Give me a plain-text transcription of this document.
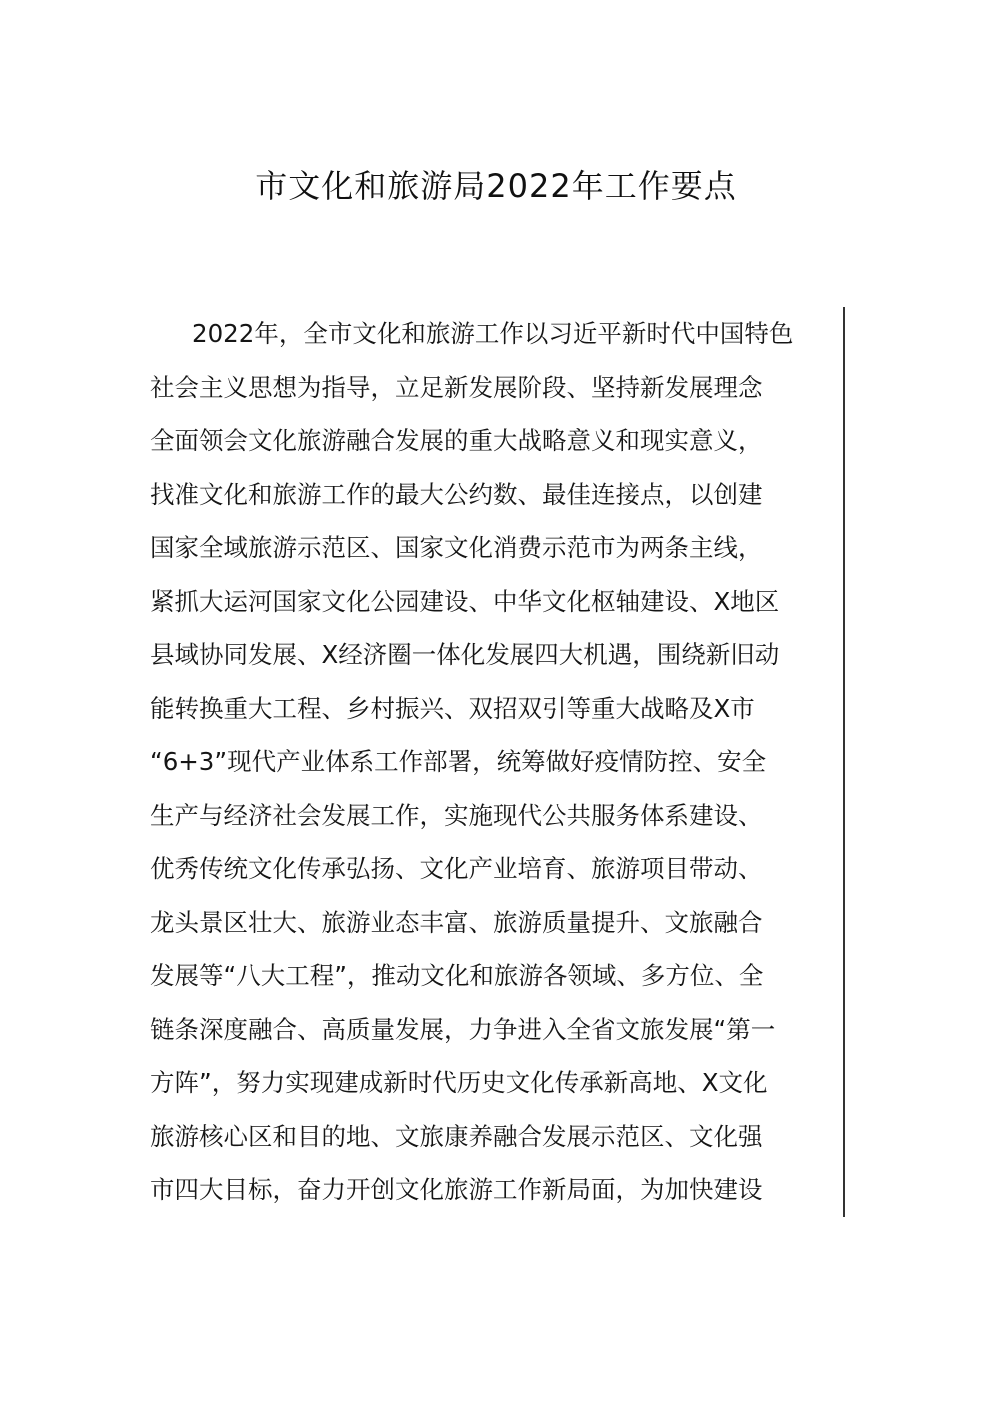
市文化和旅游局2022年工作要点
2022年，全市文化和旅游工作以习近平新时代中国特色
社会主义思想为指导，立足新发展阶段、坚持新发展理念
全面领会文化旅游融合发展的重大战略意义和现实意义，
找准文化和旅游工作的最大公约数、最佳连接点，以创建
国家全域旅游示范区、国家文化消费示范市为两条主线，
紧抓大运河国家文化公园建设、中华文化枢轴建设、X地区
县域协同发展、X经济圈一体化发展四大机遇，围绕新旧动
能转换重大工程、乡村振兴、双招双引等重大战略及X市
“6+3”现代产业体系工作部署，统筹做好疫情防控、安全
生产与经济社会发展工作，实施现代公共服务体系建设、
优秀传统文化传承弘扬、文化产业培育、旅游项目带动、
龙头景区壮大、旅游业态丰富、旅游质量提升、文旅融合
发展等“八大工程”，推动文化和旅游各领域、多方位、全
链条深度融合、高质量发展，力争进入全省文旅发展“第一
方阵”，努力实现建成新时代历史文化传承新高地、X文化
旅游核心区和目的地、文旅康养融合发展示范区、文化强
市四大目标，奋力开创文化旅游工作新局面，为加快建设
